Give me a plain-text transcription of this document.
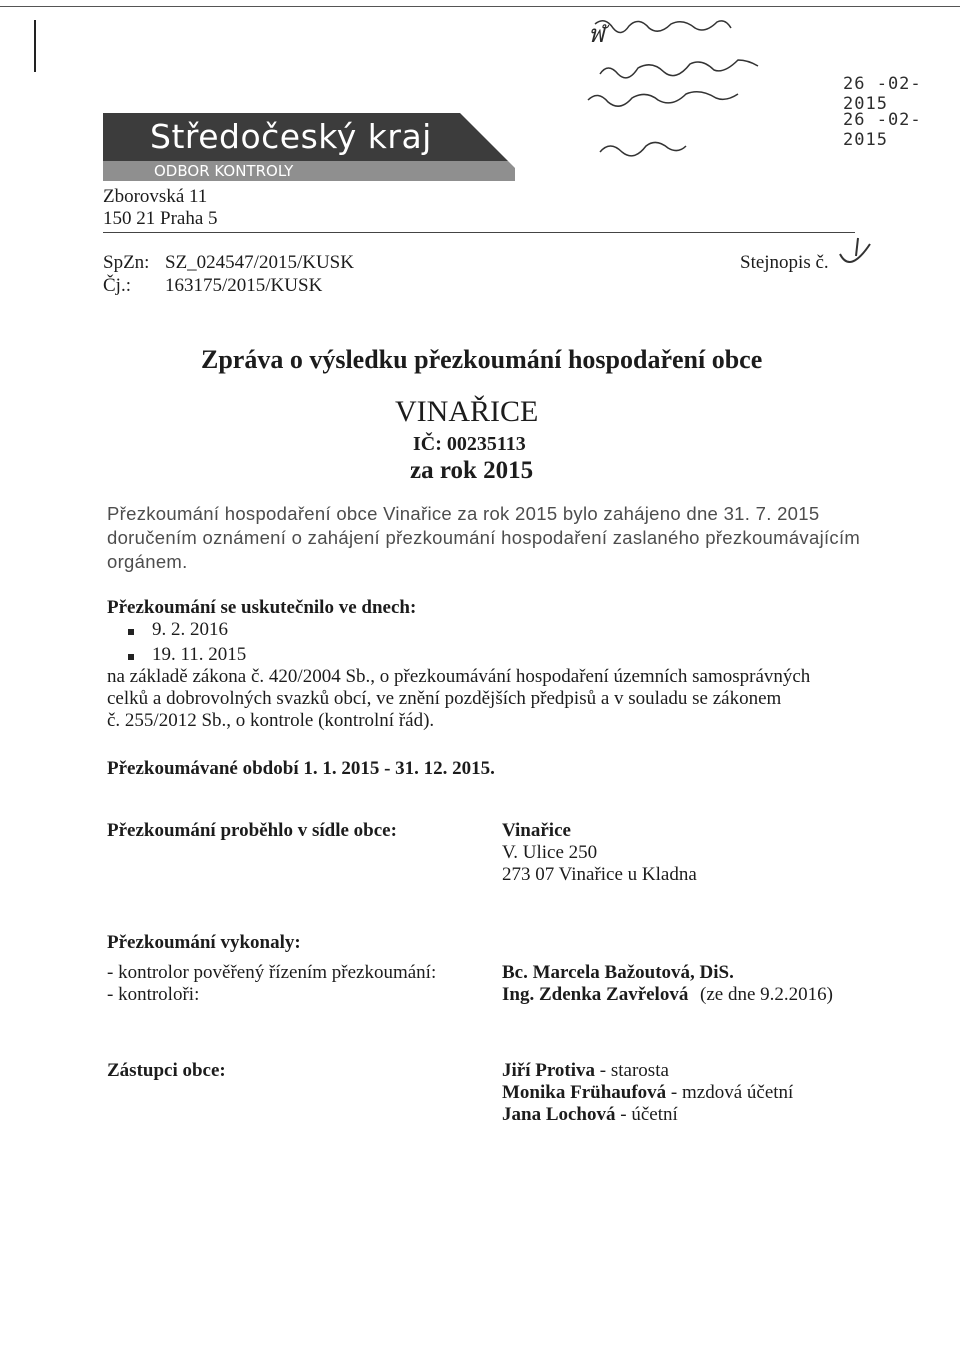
ฬ
26 -02- 2015
26 -02- 2015
Středočeský kraj
ODBOR KONTROLY
Zborovská 11
150 21 Praha 5
SpZn: SZ_024547/2015/KUSK
Čj.: 163175/2015/KUSK
Stejnopis č.
Zpráva o výsledku přezkoumání hospodaření obce
VINAŘICE
IČ: 00235113
za rok 2015
Přezkoumání hospodaření obce Vinařice za rok 2015 bylo zahájeno dne 31. 7. 2015
doručením oznámení o zahájení přezkoumání hospodaření zaslaného přezkoumávajícím
orgánem.
Přezkoumání se uskutečnilo ve dnech:
9. 2. 2016
19. 11. 2015
na základě zákona č. 420/2004 Sb., o přezkoumávání hospodaření územních samosprávných
celků a dobrovolných svazků obcí, ve znění pozdějších předpisů a v souladu se zákonem
č. 255/2012 Sb., o kontrole (kontrolní řád).
Přezkoumávané období 1. 1. 2015 - 31. 12. 2015.
Přezkoumání proběhlo v sídle obce:	Vinařice
V. Ulice 250
273 07 Vinařice u Kladna
Přezkoumání vykonaly:
- kontrolor pověřený řízením přezkoumání:	Bc. Marcela Bažoutová, DiS.
- kontroloři:	Ing. Zdenka Zavřelová (ze dne 9.2.2016)
Zástupci obce:	Jiří Protiva - starosta
Monika Frühaufová - mzdová účetní
Jana Lochová - účetní
